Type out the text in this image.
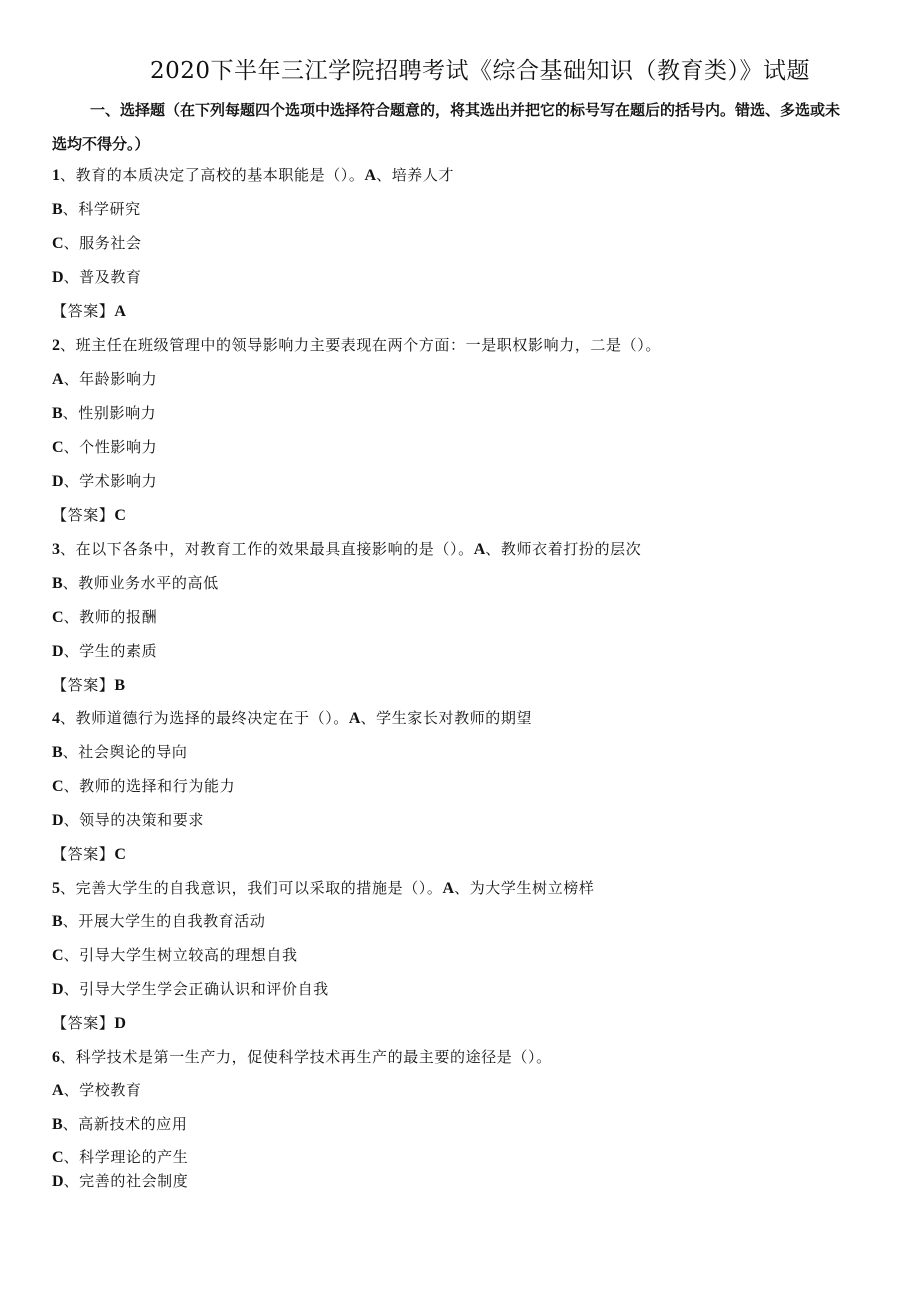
2020下半年三江学院招聘考试《综合基础知识（教育类）》试题
一、选择题（在下列每题四个选项中选择符合题意的，将其选出并把它的标号写在题后的括号内。错选、多选或未选均不得分。）
1、教育的本质决定了高校的基本职能是（）。A、培养人才
B、科学研究
C、服务社会
D、普及教育
【答案】A
2、班主任在班级管理中的领导影响力主要表现在两个方面：一是职权影响力，二是（）。
A、年龄影响力
B、性别影响力
C、个性影响力
D、学术影响力
【答案】C
3、在以下各条中，对教育工作的效果最具直接影响的是（）。A、教师衣着打扮的层次
B、教师业务水平的高低
C、教师的报酬
D、学生的素质
【答案】B
4、教师道德行为选择的最终决定在于（）。A、学生家长对教师的期望
B、社会舆论的导向
C、教师的选择和行为能力
D、领导的决策和要求
【答案】C
5、完善大学生的自我意识，我们可以采取的措施是（）。A、为大学生树立榜样
B、开展大学生的自我教育活动
C、引导大学生树立较高的理想自我
D、引导大学生学会正确认识和评价自我
【答案】D
6、科学技术是第一生产力，促使科学技术再生产的最主要的途径是（）。
A、学校教育
B、高新技术的应用
C、科学理论的产生
D、完善的社会制度
